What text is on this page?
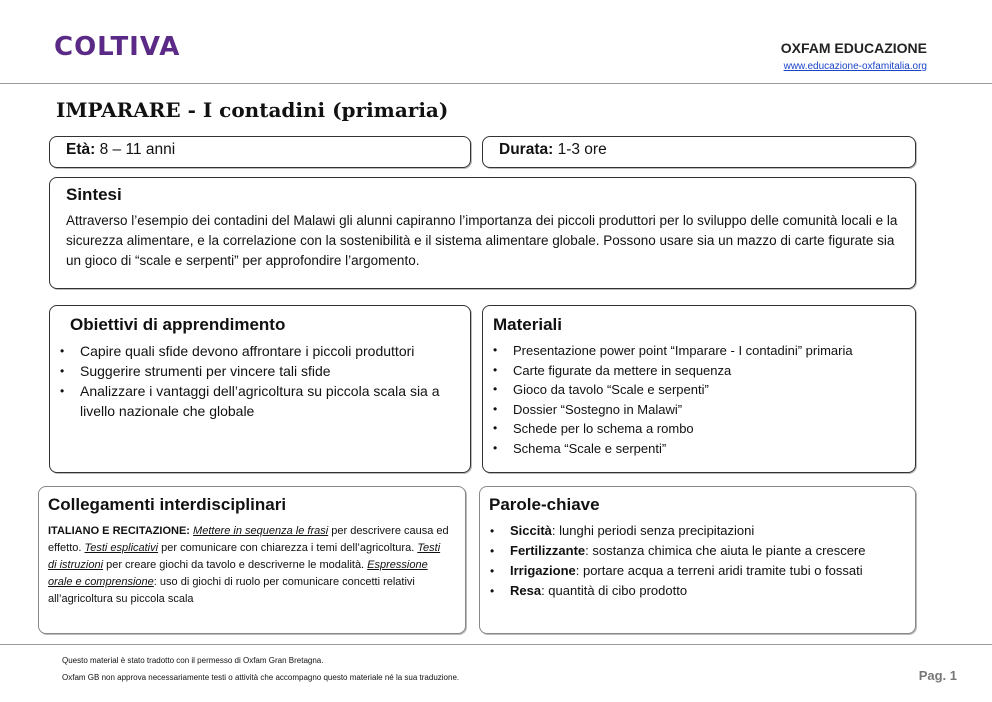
COLTIVA	OXFAM EDUCAZIONE
www.educazione-oxfamitalia.org
IMPARARE - I contadini (primaria)
Età: 8 – 11 anni	Durata: 1-3 ore
Sintesi

Attraverso l’esempio dei contadini del Malawi gli alunni capiranno l’importanza dei piccoli produttori per lo sviluppo delle comunità locali e la sicurezza alimentare, e la correlazione con la sostenibilità e il sistema alimentare globale. Possono usare sia un mazzo di carte figurate sia un gioco di “scale e serpenti” per approfondire l’argomento.

Obiettivi di apprendimento
• Capire quali sfide devono affrontare i piccoli produttori
• Suggerire strumenti per vincere tali sfide
• Analizzare i vantaggi dell’agricoltura su piccola scala sia a livello nazionale che globale
Materiali
• Presentazione power point “Imparare - I contadini” primaria
• Carte figurate da mettere in sequenza
• Gioco da tavolo “Scale e serpenti”
• Dossier “Sostegno in Malawi”
• Schede per lo schema a rombo
• Schema “Scale e serpenti”
Collegamenti interdisciplinari
ITALIANO E RECITAZIONE: Mettere in sequenza le frasi per descrivere causa ed effetto. Testi esplicativi per comunicare con chiarezza i temi dell’agricoltura. Testi di istruzioni per creare giochi da tavolo e descriverne le modalità. Espressione orale e comprensione: uso di giochi di ruolo per comunicare concetti relativi all’agricoltura su piccola scala
Parole-chiave
• Siccità: lunghi periodi senza precipitazioni
• Fertilizzante: sostanza chimica che aiuta le piante a crescere
• Irrigazione: portare acqua a terreni aridi tramite tubi o fossati
• Resa: quantità di cibo prodotto
Questo material è stato tradotto con il permesso di Oxfam Gran Bretagna.
Oxfam GB non approva necessariamente testi o attività che accompagno questo materiale né la sua traduzione.	Pag. 1
